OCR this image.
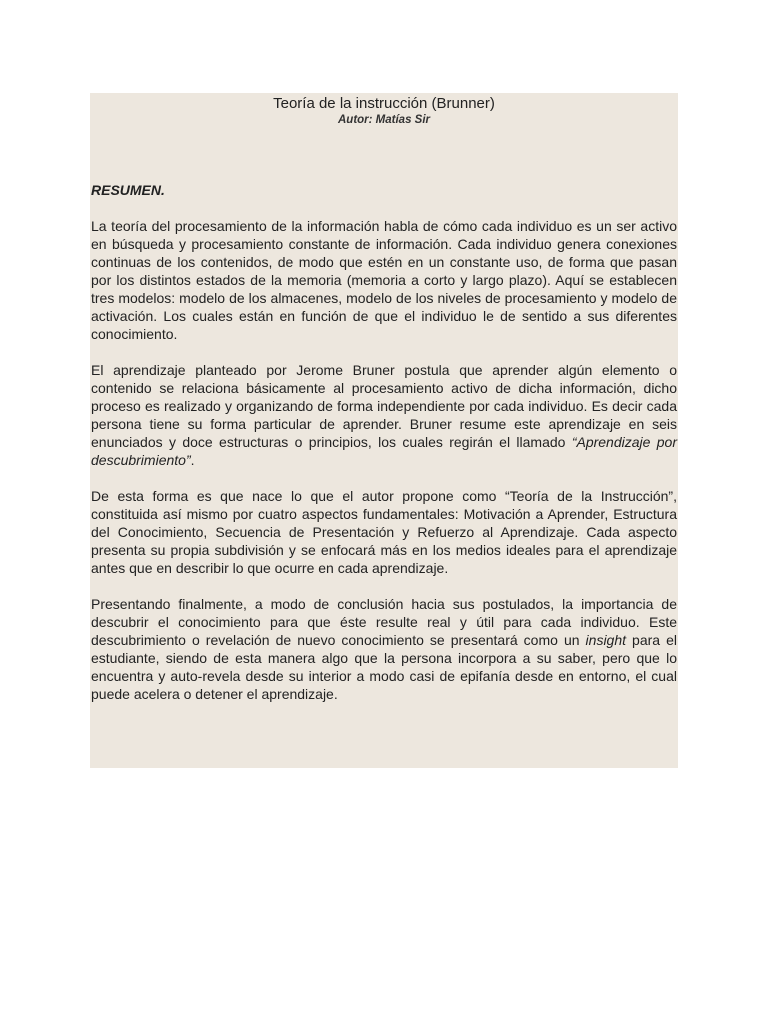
Teoría de la instrucción (Brunner)
Autor: Matías Sir
RESUMEN.

La teoría del procesamiento de la información habla de cómo cada individuo es un ser activo en búsqueda y procesamiento constante de información. Cada individuo genera conexiones continuas de los contenidos, de modo que estén en un constante uso, de forma que pasan por los distintos estados de la memoria (memoria a corto y largo plazo). Aquí se establecen tres modelos: modelo de los almacenes, modelo de los niveles de procesamiento y modelo de activación. Los cuales están en función de que el individuo le de sentido a sus diferentes conocimiento.

El aprendizaje planteado por Jerome Bruner postula que aprender algún elemento o contenido se relaciona básicamente al procesamiento activo de dicha información, dicho proceso es realizado y organizando de forma independiente por cada individuo. Es decir cada persona tiene su forma particular de aprender. Bruner resume este aprendizaje en seis enunciados y doce estructuras o principios, los cuales regirán el llamado “Aprendizaje por descubrimiento”.

De esta forma es que nace lo que el autor propone como “Teoría de la Instrucción”, constituida así mismo por cuatro aspectos fundamentales: Motivación a Aprender, Estructura del Conocimiento, Secuencia de Presentación y Refuerzo al Aprendizaje. Cada aspecto presenta su propia subdivisión y se enfocará más en los medios ideales para el aprendizaje antes que en describir lo que ocurre en cada aprendizaje.

Presentando finalmente, a modo de conclusión hacia sus postulados, la importancia de descubrir el conocimiento para que éste resulte real y útil para cada individuo. Este descubrimiento o revelación de nuevo conocimiento se presentará como un insight para el estudiante, siendo de esta manera algo que la persona incorpora a su saber, pero que lo encuentra y auto-revela desde su interior a modo casi de epifanía desde en entorno, el cual puede acelera o detener el aprendizaje.
